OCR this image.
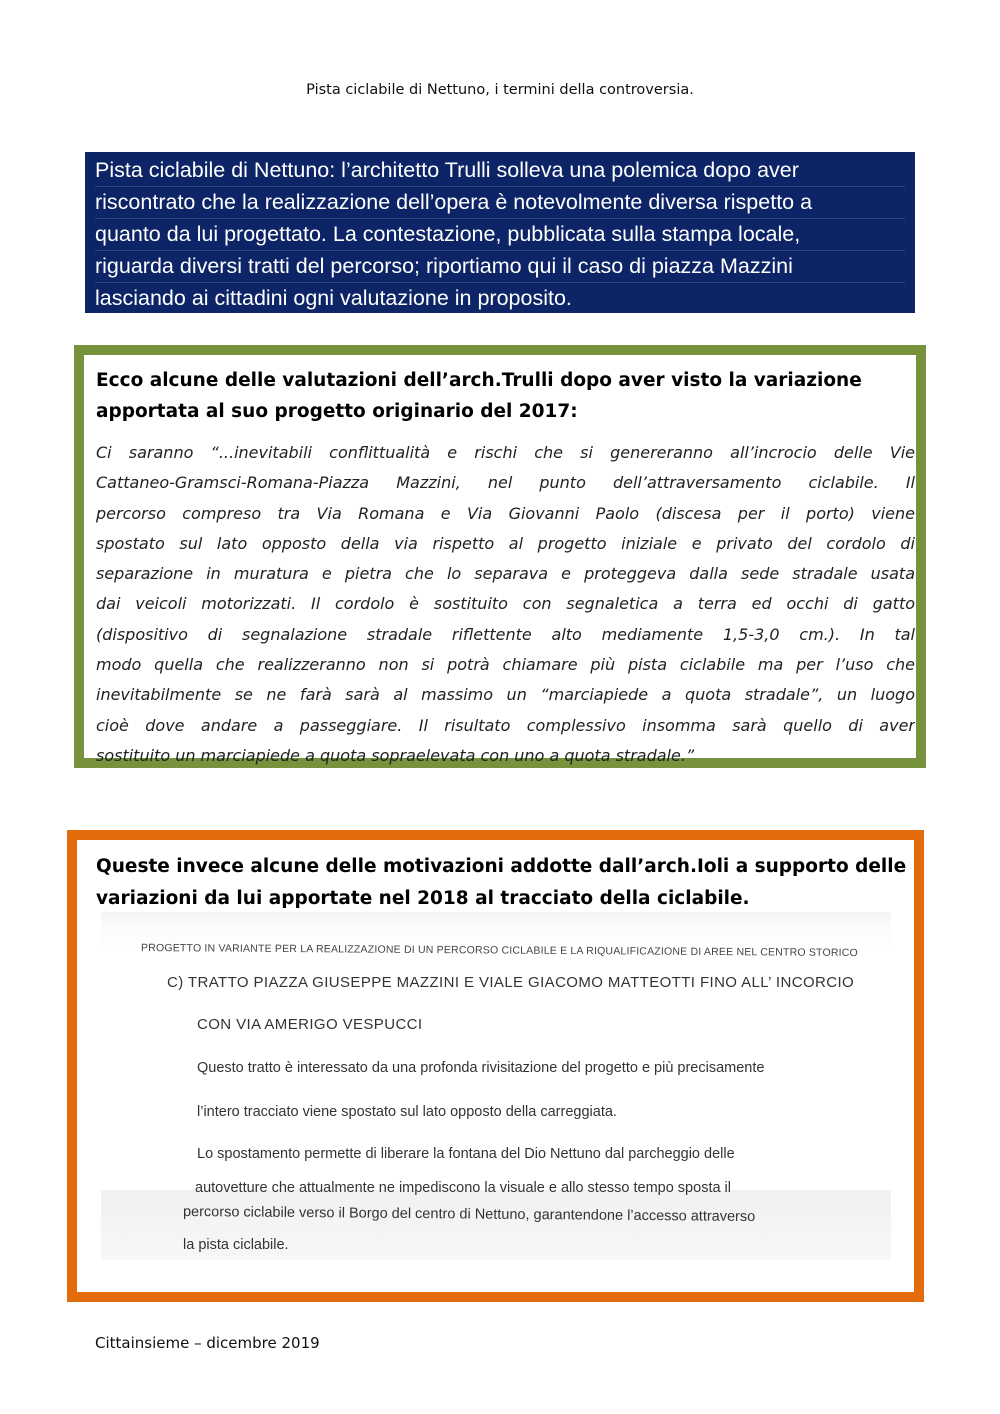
Pista ciclabile di Nettuno, i termini della controversia.
Pista ciclabile di Nettuno: l’architetto Trulli solleva una polemica dopo aver
riscontrato che la realizzazione dell’opera è notevolmente diversa rispetto a
quanto da lui progettato. La contestazione, pubblicata sulla stampa locale,
riguarda diversi tratti del percorso; riportiamo qui il caso di piazza Mazzini
lasciando ai cittadini ogni valutazione in proposito.
Ecco alcune delle valutazioni dell’arch.Trulli dopo aver visto la variazione
apportata al suo progetto originario del 2017:
Ci saranno “...inevitabili conflittualità e rischi che si genereranno all’incrocio delle Vie
Cattaneo-Gramsci-Romana-Piazza Mazzini, nel punto dell’attraversamento ciclabile. Il
percorso compreso tra Via Romana e Via Giovanni Paolo (discesa per il porto) viene
spostato sul lato opposto della via rispetto al progetto iniziale e privato del cordolo di
separazione in muratura e pietra che lo separava e proteggeva dalla sede stradale usata
dai veicoli motorizzati. Il cordolo è sostituito con segnaletica a terra ed occhi di gatto
(dispositivo di segnalazione stradale riflettente alto mediamente 1,5-3,0 cm.). In tal
modo quella che realizzeranno non si potrà chiamare più pista ciclabile ma per l’uso che
inevitabilmente se ne farà sarà al massimo un “marciapiede a quota stradale”, un luogo
cioè dove andare a passeggiare. Il risultato complessivo insomma sarà quello di aver
sostituito un marciapiede a quota sopraelevata con uno a quota stradale.”
Queste invece alcune delle motivazioni addotte dall’arch.Ioli a supporto delle
variazioni da lui apportate nel 2018 al tracciato della ciclabile.
PROGETTO IN VARIANTE PER LA REALIZZAZIONE DI UN PERCORSO CICLABILE E LA RIQUALIFICAZIONE DI AREE NEL CENTRO STORICO
C) TRATTO PIAZZA GIUSEPPE MAZZINI E VIALE GIACOMO MATTEOTTI FINO ALL’ INCORCIO
CON VIA AMERIGO VESPUCCI
Questo tratto è interessato da una profonda rivisitazione del progetto e più precisamente
l’intero tracciato viene spostato sul lato opposto della carreggiata.
Lo spostamento permette di liberare la fontana del Dio Nettuno dal parcheggio delle
autovetture che attualmente ne impediscono la visuale e allo stesso tempo sposta il
percorso ciclabile verso il Borgo del centro di Nettuno, garantendone l’accesso attraverso
la pista ciclabile.
Cittainsieme – dicembre 2019
